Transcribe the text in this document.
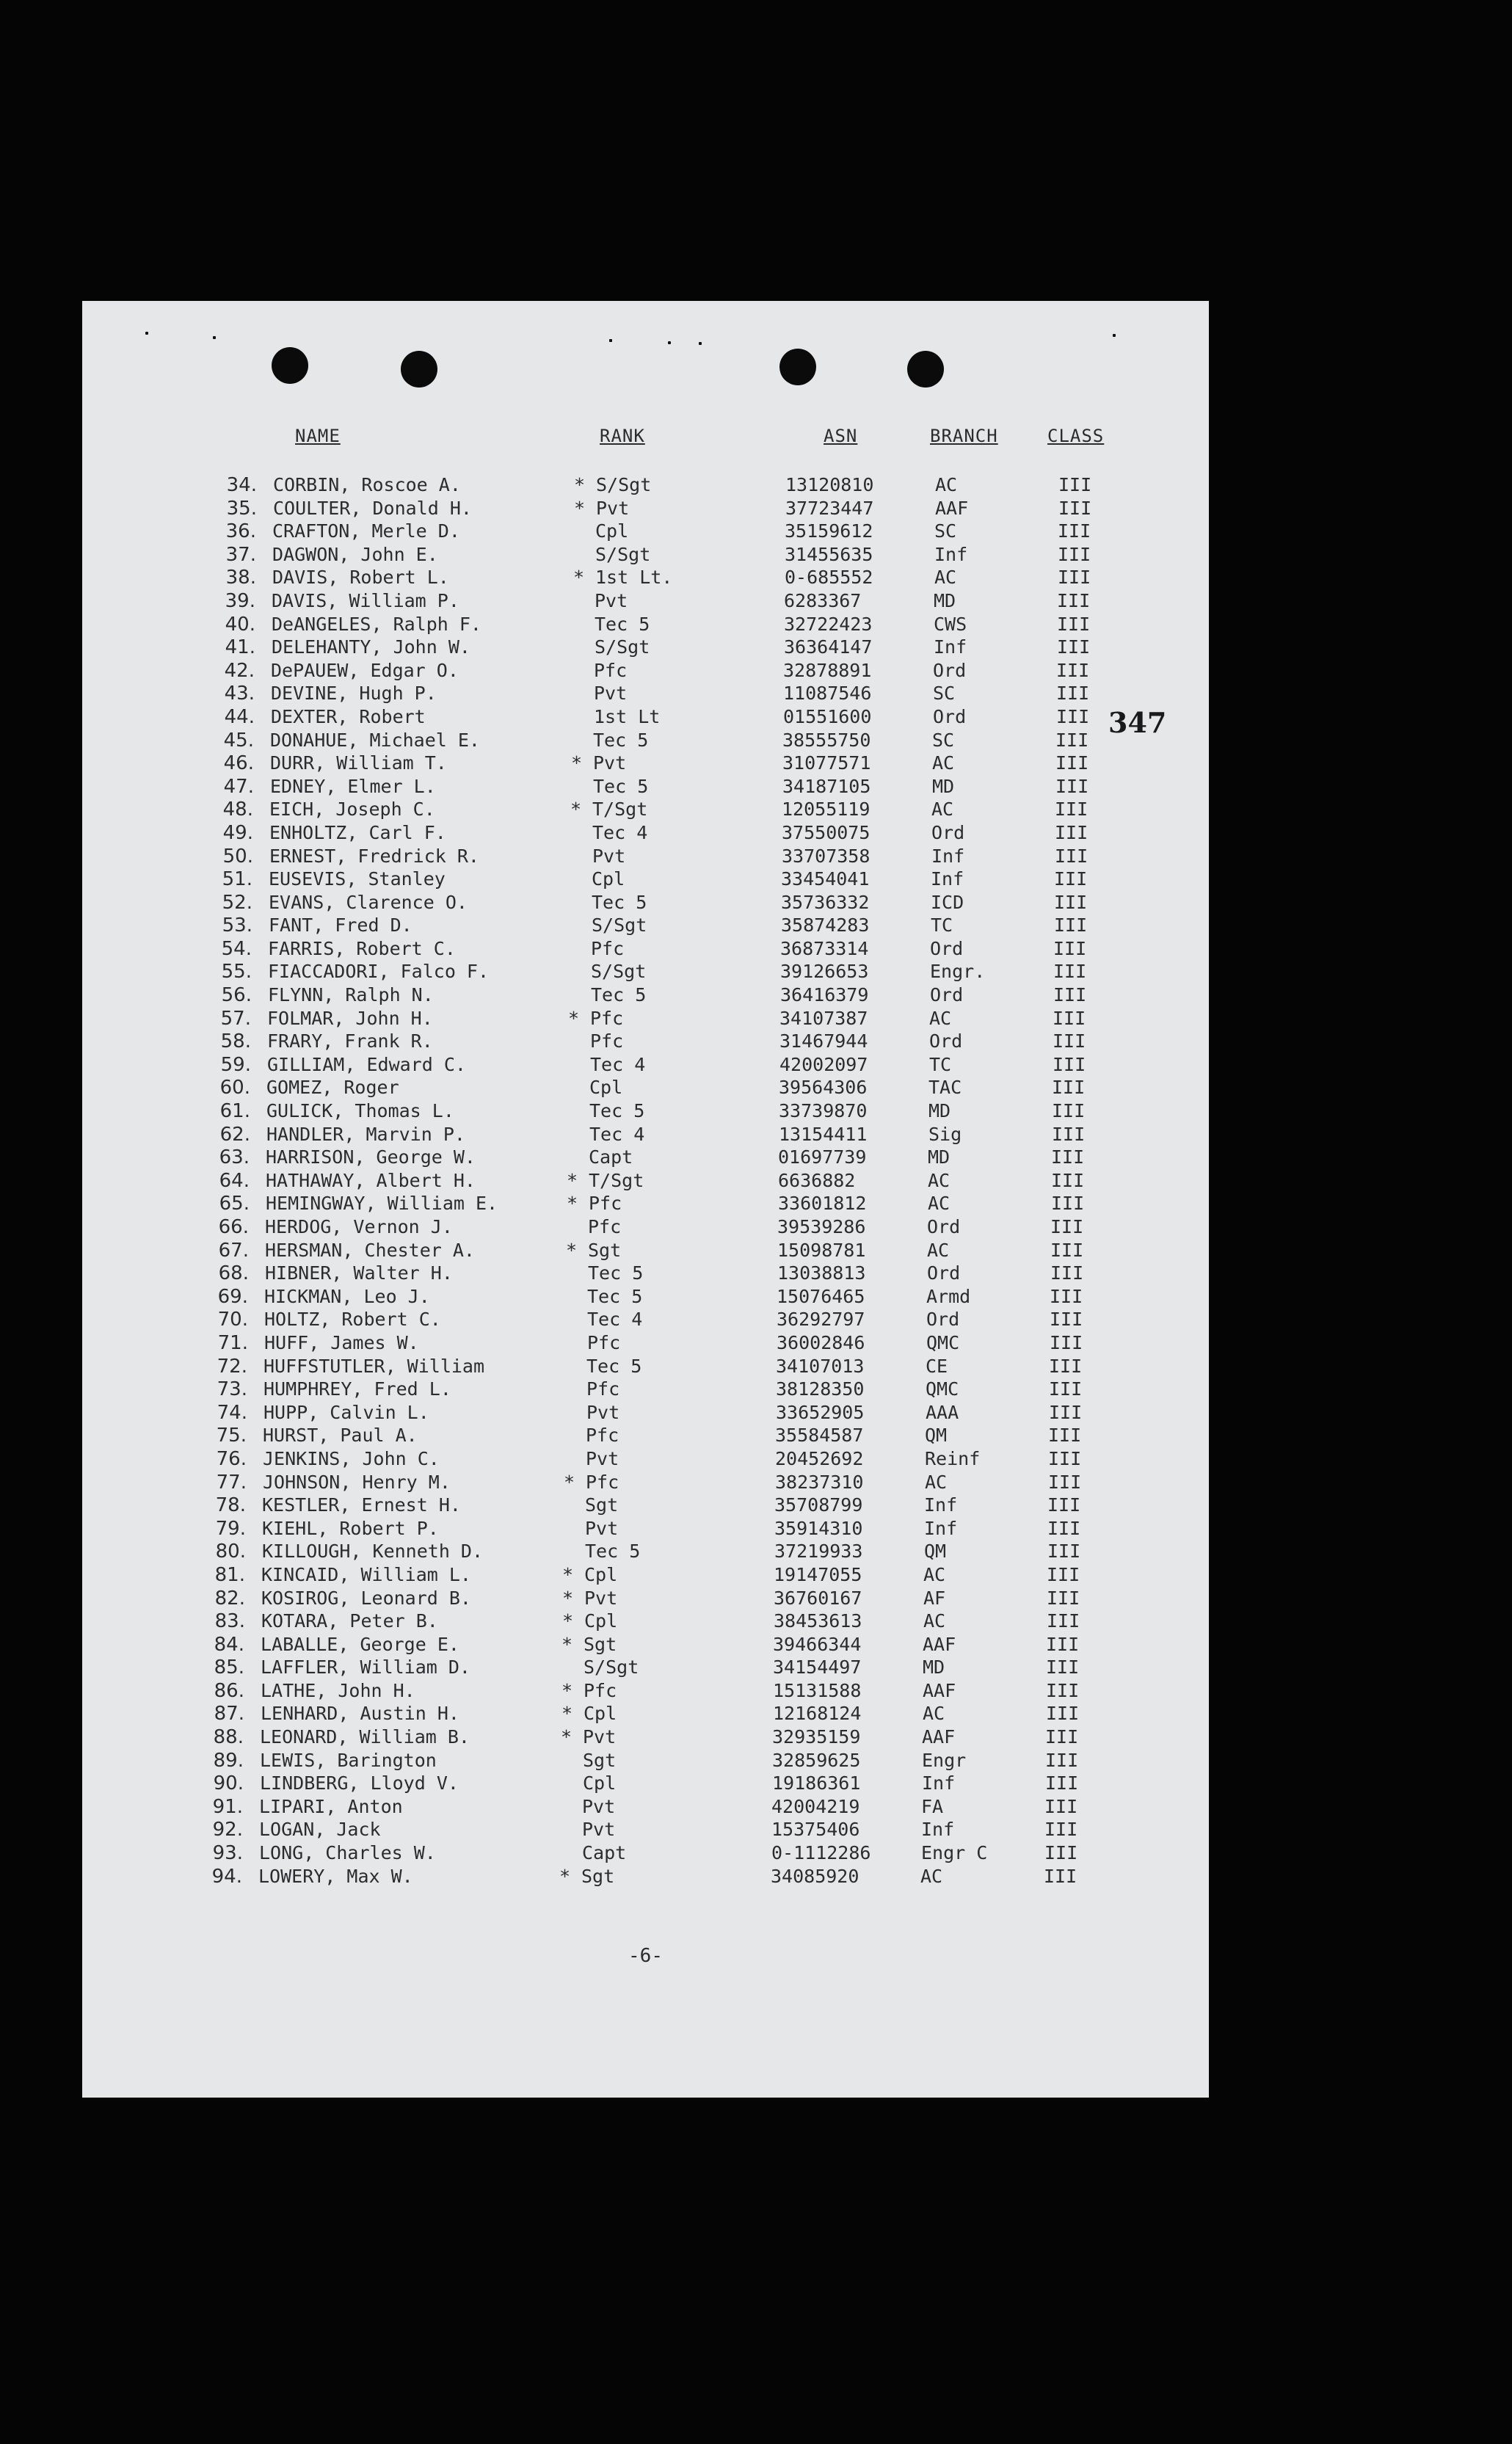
NAME	RANK	ASN	BRANCH	CLASS
347
34. CORBIN, Roscoe A.	* S/Sgt	13120810	AC	III
35. COULTER, Donald H.	* Pvt	37723447	AAF	III
36. CRAFTON, Merle D.	Cpl	35159612	SC	III
37. DAGWON, John E.	S/Sgt	31455635	Inf	III
38. DAVIS, Robert L.	* 1st Lt.	0-685552	AC	III
39. DAVIS, William P.	Pvt	6283367	MD	III
40. DeANGELES, Ralph F.	Tec 5	32722423	CWS	III
41. DELEHANTY, John W.	S/Sgt	36364147	Inf	III
42. DePAUEW, Edgar O.	Pfc	32878891	Ord	III
43. DEVINE, Hugh P.	Pvt	11087546	SC	III
44. DEXTER, Robert	1st Lt	01551600	Ord	III
45. DONAHUE, Michael E.	Tec 5	38555750	SC	III
46. DURR, William T.	* Pvt	31077571	AC	III
47. EDNEY, Elmer L.	Tec 5	34187105	MD	III
48. EICH, Joseph C.	* T/Sgt	12055119	AC	III
49. ENHOLTZ, Carl F.	Tec 4	37550075	Ord	III
50. ERNEST, Fredrick R.	Pvt	33707358	Inf	III
51. EUSEVIS, Stanley	Cpl	33454041	Inf	III
52. EVANS, Clarence O.	Tec 5	35736332	ICD	III
53. FANT, Fred D.	S/Sgt	35874283	TC	III
54. FARRIS, Robert C.	Pfc	36873314	Ord	III
55. FIACCADORI, Falco F.	S/Sgt	39126653	Engr.	III
56. FLYNN, Ralph N.	Tec 5	36416379	Ord	III
57. FOLMAR, John H.	* Pfc	34107387	AC	III
58. FRARY, Frank R.	Pfc	31467944	Ord	III
59. GILLIAM, Edward C.	Tec 4	42002097	TC	III
60. GOMEZ, Roger	Cpl	39564306	TAC	III
61. GULICK, Thomas L.	Tec 5	33739870	MD	III
62. HANDLER, Marvin P.	Tec 4	13154411	Sig	III
63. HARRISON, George W.	Capt	01697739	MD	III
64. HATHAWAY, Albert H.	* T/Sgt	6636882	AC	III
65. HEMINGWAY, William E.	* Pfc	33601812	AC	III
66. HERDOG, Vernon J.	Pfc	39539286	Ord	III
67. HERSMAN, Chester A.	* Sgt	15098781	AC	III
68. HIBNER, Walter H.	Tec 5	13038813	Ord	III
69. HICKMAN, Leo J.	Tec 5	15076465	Armd	III
70. HOLTZ, Robert C.	Tec 4	36292797	Ord	III
71. HUFF, James W.	Pfc	36002846	QMC	III
72. HUFFSTUTLER, William	Tec 5	34107013	CE	III
73. HUMPHREY, Fred L.	Pfc	38128350	QMC	III
74. HUPP, Calvin L.	Pvt	33652905	AAA	III
75. HURST, Paul A.	Pfc	35584587	QM	III
76. JENKINS, John C.	Pvt	20452692	Reinf	III
77. JOHNSON, Henry M.	* Pfc	38237310	AC	III
78. KESTLER, Ernest H.	Sgt	35708799	Inf	III
79. KIEHL, Robert P.	Pvt	35914310	Inf	III
80. KILLOUGH, Kenneth D.	Tec 5	37219933	QM	III
81. KINCAID, William L.	* Cpl	19147055	AC	III
82. KOSIROG, Leonard B.	* Pvt	36760167	AF	III
83. KOTARA, Peter B.	* Cpl	38453613	AC	III
84. LABALLE, George E.	* Sgt	39466344	AAF	III
85. LAFFLER, William D.	S/Sgt	34154497	MD	III
86. LATHE, John H.	* Pfc	15131588	AAF	III
87. LENHARD, Austin H.	* Cpl	12168124	AC	III
88. LEONARD, William B.	* Pvt	32935159	AAF	III
89. LEWIS, Barington	Sgt	32859625	Engr	III
90. LINDBERG, Lloyd V.	Cpl	19186361	Inf	III
91. LIPARI, Anton	Pvt	42004219	FA	III
92. LOGAN, Jack	Pvt	15375406	Inf	III
93. LONG, Charles W.	Capt	0-1112286	Engr C	III
94. LOWERY, Max W.	* Sgt	34085920	AC	III
-6-
